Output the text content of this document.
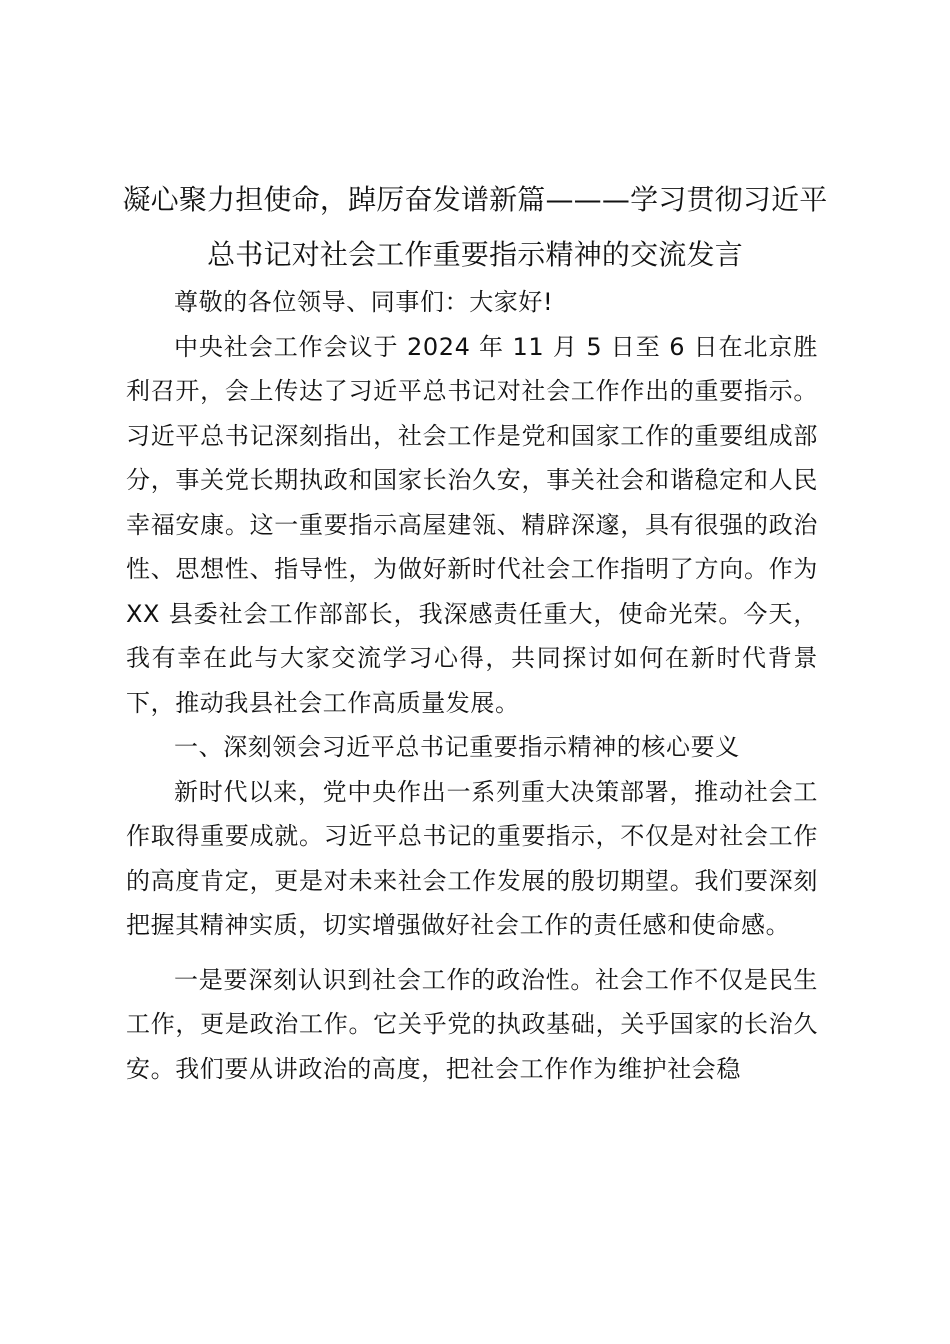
凝心聚力担使命，踔厉奋发谱新篇———学习贯彻习近平总书记对社会工作重要指示精神的交流发言

尊敬的各位领导、同事们：大家好!

中央社会工作会议于 2024 年 11 月 5 日至 6 日在北京胜利召开，会上传达了习近平总书记对社会工作作出的重要指示。习近平总书记深刻指出，社会工作是党和国家工作的重要组成部分，事关党长期执政和国家长治久安，事关社会和谐稳定和人民幸福安康。这一重要指示高屋建瓴、精辟深邃，具有很强的政治性、思想性、指导性，为做好新时代社会工作指明了方向。作为 XX 县委社会工作部部长，我深感责任重大，使命光荣。今天，我有幸在此与大家交流学习心得，共同探讨如何在新时代背景下，推动我县社会工作高质量发展。

一、深刻领会习近平总书记重要指示精神的核心要义

新时代以来，党中央作出一系列重大决策部署，推动社会工作取得重要成就。习近平总书记的重要指示，不仅是对社会工作的高度肯定，更是对未来社会工作发展的殷切期望。我们要深刻把握其精神实质，切实增强做好社会工作的责任感和使命感。

一是要深刻认识到社会工作的政治性。社会工作不仅是民生工作，更是政治工作。它关乎党的执政基础，关乎国家的长治久安。我们要从讲政治的高度，把社会工作作为维护社会稳
